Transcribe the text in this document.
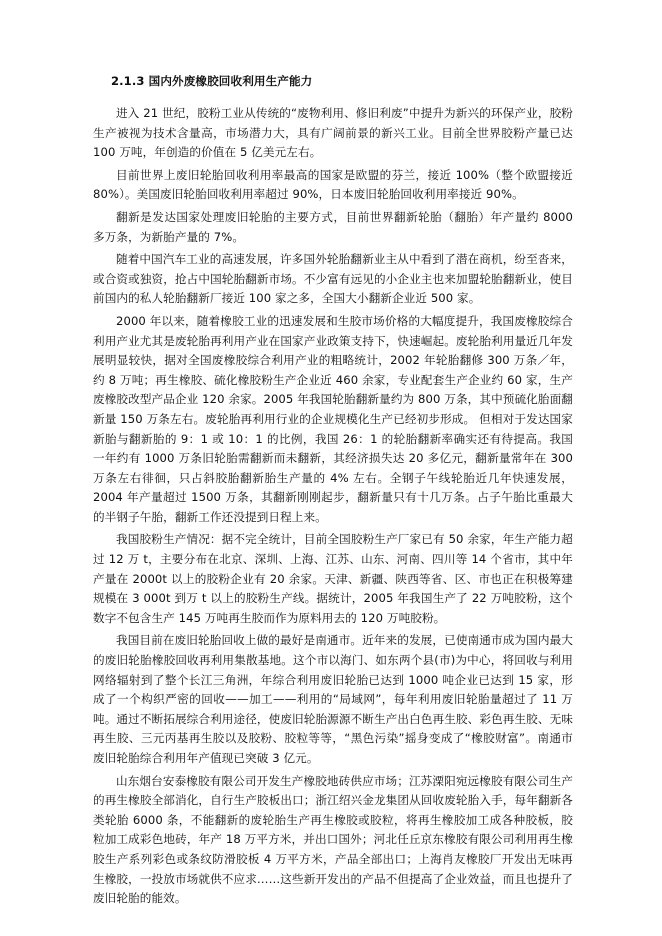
2.1.3 国内外废橡胶回收利用生产能力

进入 21 世纪，胶粉工业从传统的“废物利用、修旧利废”中提升为新兴的环保产业，胶粉生产被视为技术含量高，市场潜力大，具有广阔前景的新兴工业。目前全世界胶粉产量已达 100 万吨，年创造的价值在 5 亿美元左右。

目前世界上废旧轮胎回收利用率最高的国家是欧盟的芬兰，接近 100%（整个欧盟接近 80%）。美国废旧轮胎回收利用率超过 90%，日本废旧轮胎回收利用率接近 90%。

翻新是发达国家处理废旧轮胎的主要方式，目前世界翻新轮胎（翻胎）年产量约 8000 多万条，为新胎产量的 7%。

随着中国汽车工业的高速发展，许多国外轮胎翻新业主从中看到了潜在商机，纷至沓来，或合资或独资，抢占中国轮胎翻新市场。不少富有远见的小企业主也来加盟轮胎翻新业，使目前国内的私人轮胎翻新厂接近 100 家之多，全国大小翻新企业近 500 家。

2000 年以来，随着橡胶工业的迅速发展和生胶市场价格的大幅度提升，我国废橡胶综合利用产业尤其是废轮胎再利用产业在国家产业政策支持下，快速崛起。废轮胎利用量近几年发展明显较快，据对全国废橡胶综合利用产业的粗略统计，2002 年轮胎翻修 300 万条／年，约 8 万吨；再生橡胶、硫化橡胶粉生产企业近 460 余家，专业配套生产企业约 60 家，生产废橡胶改型产品企业 120 余家。2005 年我国轮胎翻新量约为 800 万条，其中预硫化胎面翻新量 150 万条左右。废轮胎再利用行业的企业规模化生产已经初步形成。 但相对于发达国家新胎与翻新胎的 9：1 或 10：1 的比例，我国 26：1 的轮胎翻新率确实还有待提高。我国一年约有 1000 万条旧轮胎需翻新而未翻新，其经济损失达 20 多亿元，翻新量常年在 300 万条左右徘徊，只占斜胶胎翻新胎生产量的 4% 左右。全钢子午线轮胎近几年快速发展，2004 年产量超过 1500 万条，其翻新刚刚起步，翻新量只有十几万条。占子午胎比重最大的半钢子午胎，翻新工作还没提到日程上来。

我国胶粉生产情况：据不完全统计，目前全国胶粉生产厂家已有 50 余家，年生产能力超过 12 万 t，主要分布在北京、深圳、上海、江苏、山东、河南、四川等 14 个省市，其中年产量在 2000t 以上的胶粉企业有 20 余家。天津、新疆、陕西等省、区、市也正在积极筹建规模在 3 000t 到万 t 以上的胶粉生产线。据统计，2005 年我国生产了 22 万吨胶粉，这个数字不包含生产 145 万吨再生胶而作为原料用去的 120 万吨胶粉。

我国目前在废旧轮胎回收上做的最好是南通市。近年来的发展，已使南通市成为国内最大的废旧轮胎橡胶回收再利用集散基地。这个市以海门、如东两个县(市)为中心，将回收与利用网络辐射到了整个长江三角洲，年综合利用废旧轮胎已达到 1000 吨企业已达到 15 家，形成了一个构织严密的回收——加工——利用的“局域网”，每年利用废旧轮胎量超过了 11 万吨。通过不断拓展综合利用途径，使废旧轮胎源源不断生产出白色再生胶、彩色再生胶、无味再生胶、三元丙基再生胶以及胶粉、胶粒等等，“黑色污染”摇身变成了“橡胶财富”。南通市废旧轮胎综合利用年产值现已突破 3 亿元。

山东烟台安泰橡胶有限公司开发生产橡胶地砖供应市场；江苏溧阳宛远橡胶有限公司生产的再生橡胶全部消化，自行生产胶板出口；浙江绍兴金龙集团从回收废轮胎入手，每年翻新各类轮胎 6000 条，不能翻新的废轮胎生产再生橡胶或胶粒，将再生橡胶加工成各种胶板，胶粒加工成彩色地砖，年产 18 万平方米，并出口国外；河北任丘京东橡胶有限公司利用再生橡胶生产系列彩色或条纹防滑胶板 4 万平方米，产品全部出口；上海肖友橡胶厂开发出无味再生橡胶，一投放市场就供不应求……这些新开发出的产品不但提高了企业效益，而且也提升了废旧轮胎的能效。
